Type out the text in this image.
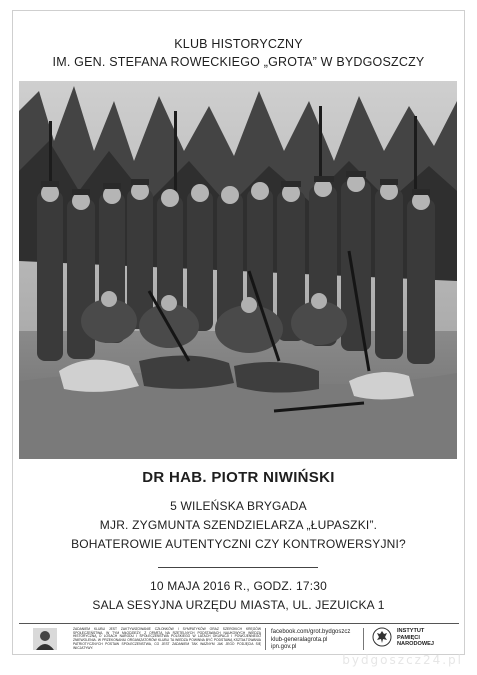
KLUB HISTORYCZNY
IM. GEN. STEFANA ROWECKIEGO „GROTA” W BYDGOSZCZY
DR HAB. PIOTR NIWIŃSKI
5 WILEŃSKA BRYGADA
MJR. ZYGMUNTA SZENDZIELARZA „ŁUPASZKI”.
BOHATEROWIE AUTENTYCZNI CZY KONTROWERSYJNI?
10 MAJA 2016 R., GODZ. 17:30
SALA SESYJNA URZĘDU MIASTA, UL. JEZUICKA 1
BYDGOSZCZ
ZADANIEM KLUBU JEST ZAKTYWIZOWANIE CZŁONKÓW I SYMPATYKÓW ORAZ SZEROKICH KRĘGÓW SPOŁECZEŃSTWA, W TYM MŁODZIEŻY, Z OPARTĄ NA RZETELNYCH PODSTAWACH NAUKOWYCH WIEDZĄ HISTORYCZNĄ O LOSACH NARODU I SPOŁECZEŃSTWA POLSKIEGO W LATACH OKUPACJI I POWOJENNEGO ZNIEWOLENIA. W PRZEKONANIU ORGANIZATORÓW KLUBU TA WIEDZA POWINNA BYĆ PODSTAWĄ KSZTAŁTOWANIA PATRIOTYCZNYCH POSTAW SPOŁECZEŃSTWA, CO JEST ZADANIEM TAK WAŻNYM JAK JEGO PODJĘCIA SIĘ INICJATYWY.
facebook.com/grot.bydgoszcz
klub-generalagrota.pl
ipn.gov.pl
INSTYTUT
PAMIĘCI
NARODOWEJ
bydgoszcz24.pl
